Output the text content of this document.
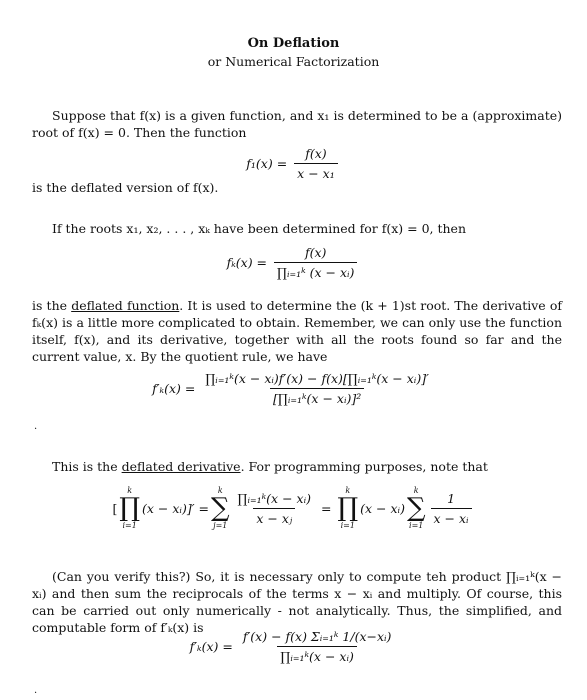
On Deflation
or Numerical Factorization
Suppose that f(x) is a given function, and x₁ is determined to be a (approximate) root of f(x) = 0. Then the function
$f_1(x) = \frac{f(x)}{\text{x − x₁}}$
is the deflated version of f(x).
If the roots x₁, x₂, . . . , xₖ have been determined for f(x) = 0, then
$f_k(x) = \frac{f(x)}{\text{∏ᵢ₌₁ᵏ (x − xᵢ)}}$
is the deflated function. It is used to determine the (k + 1)st root. The derivative of fₖ(x) is a little more complicated to obtain. Remember, we can only use the function itself, f(x), and its derivative, together with all the roots found so far and the current value, x. By the quotient rule, we have
$f'_k(x) = \frac{\text{∏ᵢ₌₁ᵏ(x − xᵢ)f′(x) − f(x)[∏ᵢ₌₁ᵏ(x − xᵢ)]′}}{\text{[∏ᵢ₌₁ᵏ(x − xᵢ)]²}}$
.
This is the deflated derivative. For programming purposes, note that
[
k
∏
i=1
(x − xᵢ)]′ =
k
∑
$j=1 \frac{\text{∏ᵢ₌₁ᵏ(x − xᵢ)}}{\text{x − xⱼ}}$ =
k
∏
i=1
(x − xᵢ)
k
∑
$i=1 \frac{1}{\text{x − xᵢ}}$
(Can you verify this?) So, it is necessary only to compute teh product ∏ᵢ₌₁ᵏ(x − xᵢ) and then sum the reciprocals of the terms x − xᵢ and multiply. Of course, this can be carried out only numerically - not analytically. Thus, the simplified, and computable form of f′ₖ(x) is
$f'_k(x) = \frac{\text{f′(x) − f(x) Σᵢ₌₁ᵏ 1/(x−xᵢ)}}{\text{∏ᵢ₌₁ᵏ(x − xᵢ)}}$
.
